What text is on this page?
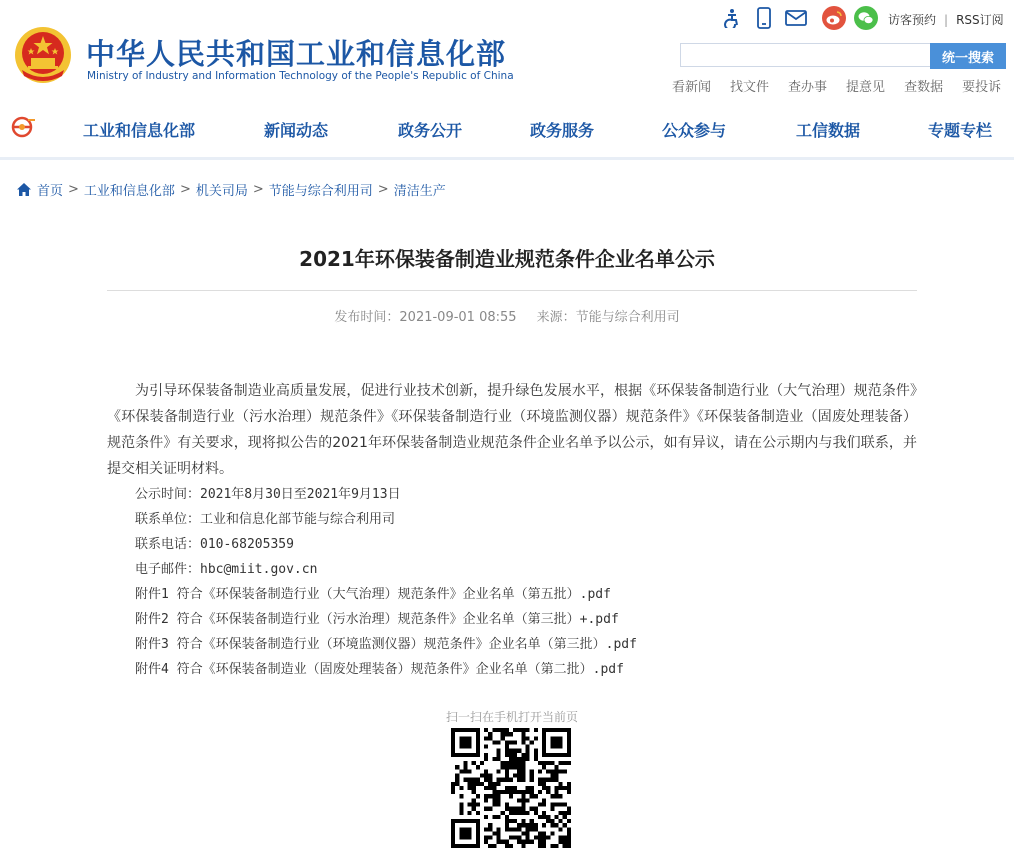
中华人民共和国工业和信息化部
Ministry of Industry and Information Technology of the People's Republic of China
访客预约 | RSS订阅
统一搜索
看新闻 找文件 查办事 提意见 查数据 要投诉
工业和信息化部	新闻动态	政务公开	政务服务	公众参与	工信数据	专题专栏
首页 > 工业和信息化部 > 机关司局 > 节能与综合利用司 > 清洁生产
2021年环保装备制造业规范条件企业名单公示
发布时间：2021-09-01 08:55 来源：节能与综合利用司

为引导环保装备制造业高质量发展，促进行业技术创新，提升绿色发展水平，根据《环保装备制造行业（大气治理）规范条件》《环保装备制造行业（污水治理）规范条件》《环保装备制造行业（环境监测仪器）规范条件》《环保装备制造业（固废处理装备）规范条件》有关要求，现将拟公告的2021年环保装备制造业规范条件企业名单予以公示，如有异议，请在公示期内与我们联系，并提交相关证明材料。

公示时间：2021年8月30日至2021年9月13日
联系单位：工业和信息化部节能与综合利用司
联系电话：010-68205359
电子邮件：hbc@miit.gov.cn
附件1 符合《环保装备制造行业（大气治理）规范条件》企业名单（第五批）.pdf
附件2 符合《环保装备制造行业（污水治理）规范条件》企业名单（第三批）+.pdf
附件3 符合《环保装备制造行业（环境监测仪器）规范条件》企业名单（第三批）.pdf
附件4 符合《环保装备制造业（固废处理装备）规范条件》企业名单（第二批）.pdf
扫一扫在手机打开当前页
